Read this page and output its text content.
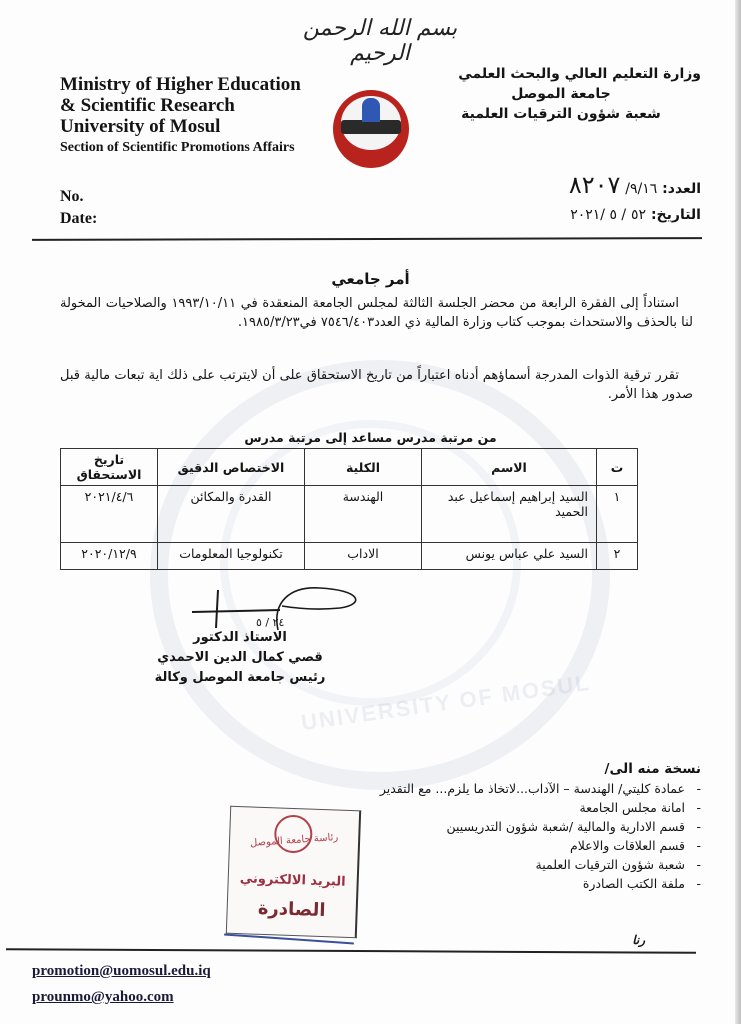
UNIVERSITY OF MOSUL
بسم الله الرحمن الرحيم
Ministry of Higher Education
& Scientific Research
University of Mosul
Section of Scientific Promotions Affairs
وزارة التعليم العالي والبحث العلمي
جامعة الموصل
شعبة شؤون الترقيات العلمية
No.
Date:
العدد: ٩/١٦/ ٨٢٠٧
التاريخ: ٥٢ / ٥ /٢٠٢١
أمر جامعي
استناداً إلى الفقرة الرابعة من محضر الجلسة الثالثة لمجلس الجامعة المنعقدة في ١٩٩٣/١٠/١١ والصلاحيات المخولة لنا بالحذف والاستحداث بموجب كتاب وزارة المالية ذي العدد٧٥٤٦/٤٠٣ في١٩٨٥/٣/٢٣.
تقرر ترقية الذوات المدرجة أسماؤهم أدناه اعتباراً من تاريخ الاستحقاق على أن لايترتب على ذلك اية تبعات مالية قبل صدور هذا الأمر.
من مرتبة مدرس مساعد إلى مرتبة مدرس
ت	الاسم	الكلية	الاختصاص الدقيق	تاريخ الاستحقاق
١	السيد إبراهيم إسماعيل عبد الحميد	الهندسة	القدرة والمكائن	٢٠٢١/٤/٦
٢	السيد علي عباس يونس	الاداب	تكنولوجيا المعلومات	٢٠٢٠/١٢/٩
٢٤ / ٥
الاستاذ الدكتور
قصي كمال الدين الاحمدي
رئيس جامعة الموصل وكالة
نسخة منه الى/
- عمادة كليتي/ الهندسة – الآداب...لاتخاذ ما يلزم... مع التقدير
- امانة مجلس الجامعة
- قسم الادارية والمالية /شعبة شؤون التدريسيين
- قسم العلاقات والاعلام
- شعبة شؤون الترقيات العلمية
- ملفة الكتب الصادرة
رئاسة جامعة الموصل
البريد الالكتروني
الصادرة
رنا
promotion@uomosul.edu.iq
prounmo@yahoo.com
